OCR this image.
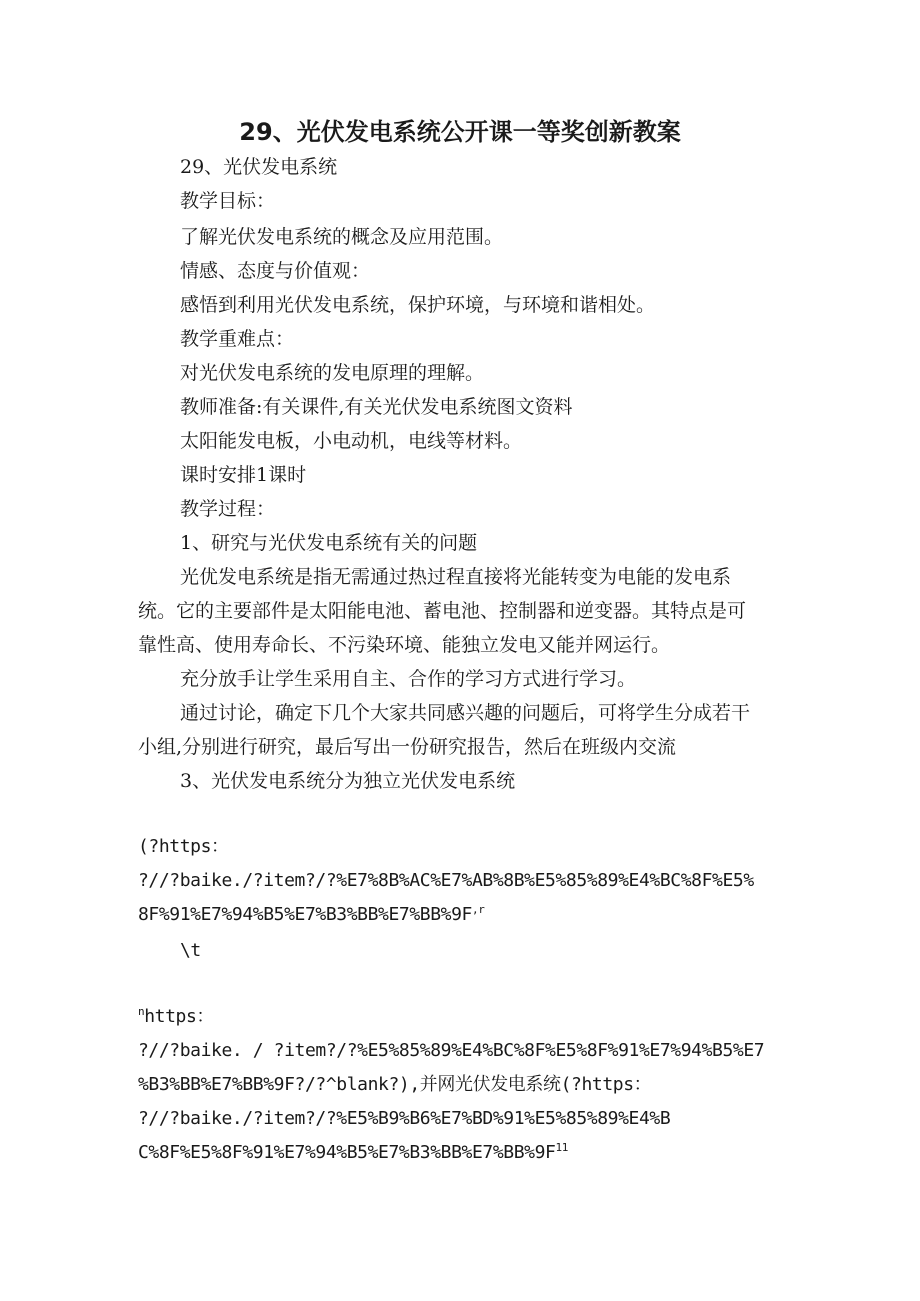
29、光伏发电系统公开课一等奖创新教案
29、光伏发电系统
教学目标：
了解光伏发电系统的概念及应用范围。
情感、态度与价值观：
感悟到利用光伏发电系统，保护环境，与环境和谐相处。
教学重难点：
对光伏发电系统的发电原理的理解。
教师准备:有关课件,有关光伏发电系统图文资料
太阳能发电板，小电动机，电线等材料。
课时安排1课时
教学过程：
1、研究与光伏发电系统有关的问题
光优发电系统是指无需通过热过程直接将光能转变为电能的发电系
统。它的主要部件是太阳能电池、蓄电池、控制器和逆变器。其特点是可
靠性高、使用寿命长、不污染环境、能独立发电又能并网运行。
充分放手让学生采用自主、合作的学习方式进行学习。
通过讨论，确定下几个大家共同感兴趣的问题后，可将学生分成若干
小组,分别进行研究，最后写出一份研究报告，然后在班级内交流
3、光伏发电系统分为独立光伏发电系统
(?https：
?//?baike./?item?/?%E7%8B%AC%E7%AB%8B%E5%85%89%E4%BC%8F%E5%
$8F\%91\%E7\%94\%B5\%E7\%B3\%BB\%E7\%BB\%9F^{,r}$
\t
$^n$https：
?//?baike. / ?item?/?%E5%85%89%E4%BC%8F%E5%8F%91%E7%94%B5%E7
%B3%BB%E7%BB%9F?/?^blank?),并网光伏发电系统(?https：
?//?baike./?item?/?%E5%B9%B6%E7%BD%91%E5%85%89%E4%B
$C\%8F\%E5\%8F\%91\%E7\%94\%B5\%E7\%B3\%BB\%E7\%BB\%9F^{11}$
